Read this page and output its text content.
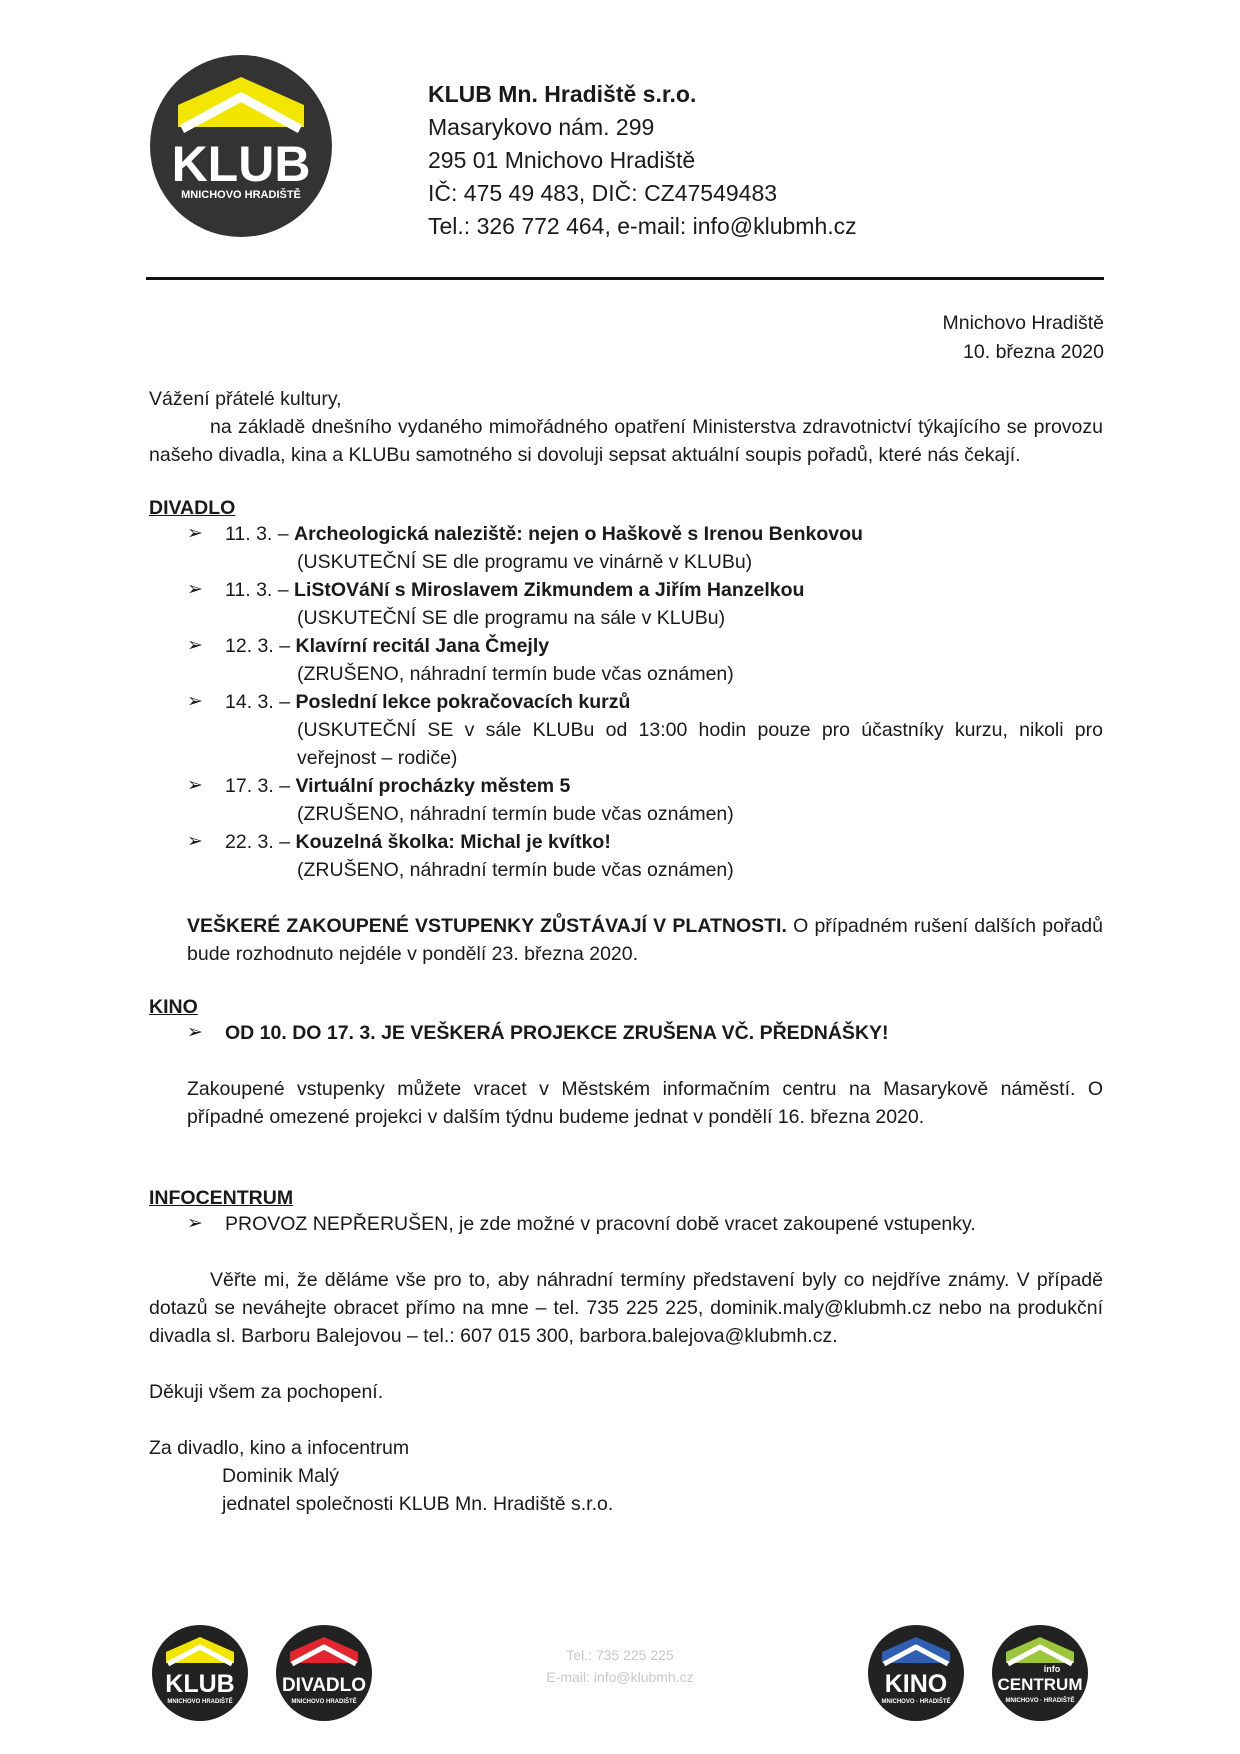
KLUB
MNICHOVO HRADIŠTĚ
KLUB Mn. Hradiště s.r.o.
Masarykovo nám. 299
295 01 Mnichovo Hradiště
IČ: 475 49 483, DIČ: CZ47549483
Tel.: 326 772 464, e-mail: info@klubmh.cz
Mnichovo Hradiště
10. března 2020
Vážení přátelé kultury,
na základě dnešního vydaného mimořádného opatření Ministerstva zdravotnictví týkajícího se provozu našeho divadla, kina a KLUBu samotného si dovoluji sepsat aktuální soupis pořadů, které nás čekají.
DIVADLO
➢ 11. 3. – Archeologická naleziště: nejen o Haškově s Irenou Benkovou
(USKUTEČNÍ SE dle programu ve vinárně v KLUBu)
➢ 11. 3. – LiStOVáNí s Miroslavem Zikmundem a Jiřím Hanzelkou
(USKUTEČNÍ SE dle programu na sále v KLUBu)
➢ 12. 3. – Klavírní recitál Jana Čmejly
(ZRUŠENO, náhradní termín bude včas oznámen)
➢ 14. 3. – Poslední lekce pokračovacích kurzů
(USKUTEČNÍ SE v sále KLUBu od 13:00 hodin pouze pro účastníky kurzu, nikoli pro veřejnost – rodiče)
➢ 17. 3. – Virtuální procházky městem 5
(ZRUŠENO, náhradní termín bude včas oznámen)
➢ 22. 3. – Kouzelná školka: Michal je kvítko!
(ZRUŠENO, náhradní termín bude včas oznámen)
VEŠKERÉ ZAKOUPENÉ VSTUPENKY ZŮSTÁVAJÍ V PLATNOSTI. O případném rušení dalších pořadů bude rozhodnuto nejdéle v pondělí 23. března 2020.
KINO
➢ OD 10. DO 17. 3. JE VEŠKERÁ PROJEKCE ZRUŠENA VČ. PŘEDNÁŠKY!
Zakoupené vstupenky můžete vracet v Městském informačním centru na Masarykově náměstí. O případné omezené projekci v dalším týdnu budeme jednat v pondělí 16. března 2020.
INFOCENTRUM
➢ PROVOZ NEPŘERUŠEN, je zde možné v pracovní době vracet zakoupené vstupenky.
Věřte mi, že děláme vše pro to, aby náhradní termíny představení byly co nejdříve známy. V případě dotazů se neváhejte obracet přímo na mne – tel. 735 225 225, dominik.maly@klubmh.cz nebo na produkční divadla sl. Barboru Balejovou – tel.: 607 015 300, barbora.balejova@klubmh.cz.
Děkuji všem za pochopení.
Za divadlo, kino a infocentrum
Dominik Malý
jednatel společnosti KLUB Mn. Hradiště s.r.o.
KLUB
MNICHOVO HRADIŠTĚ
DIVADLO
MNICHOVO HRADIŠTĚ
Tel.: 735 225 225
E-mail: info@klubmh.cz	KINO
MNICHOVO · HRADIŠTĚ
info
CENTRUM
MNICHOVO · HRADIŠTĚ
